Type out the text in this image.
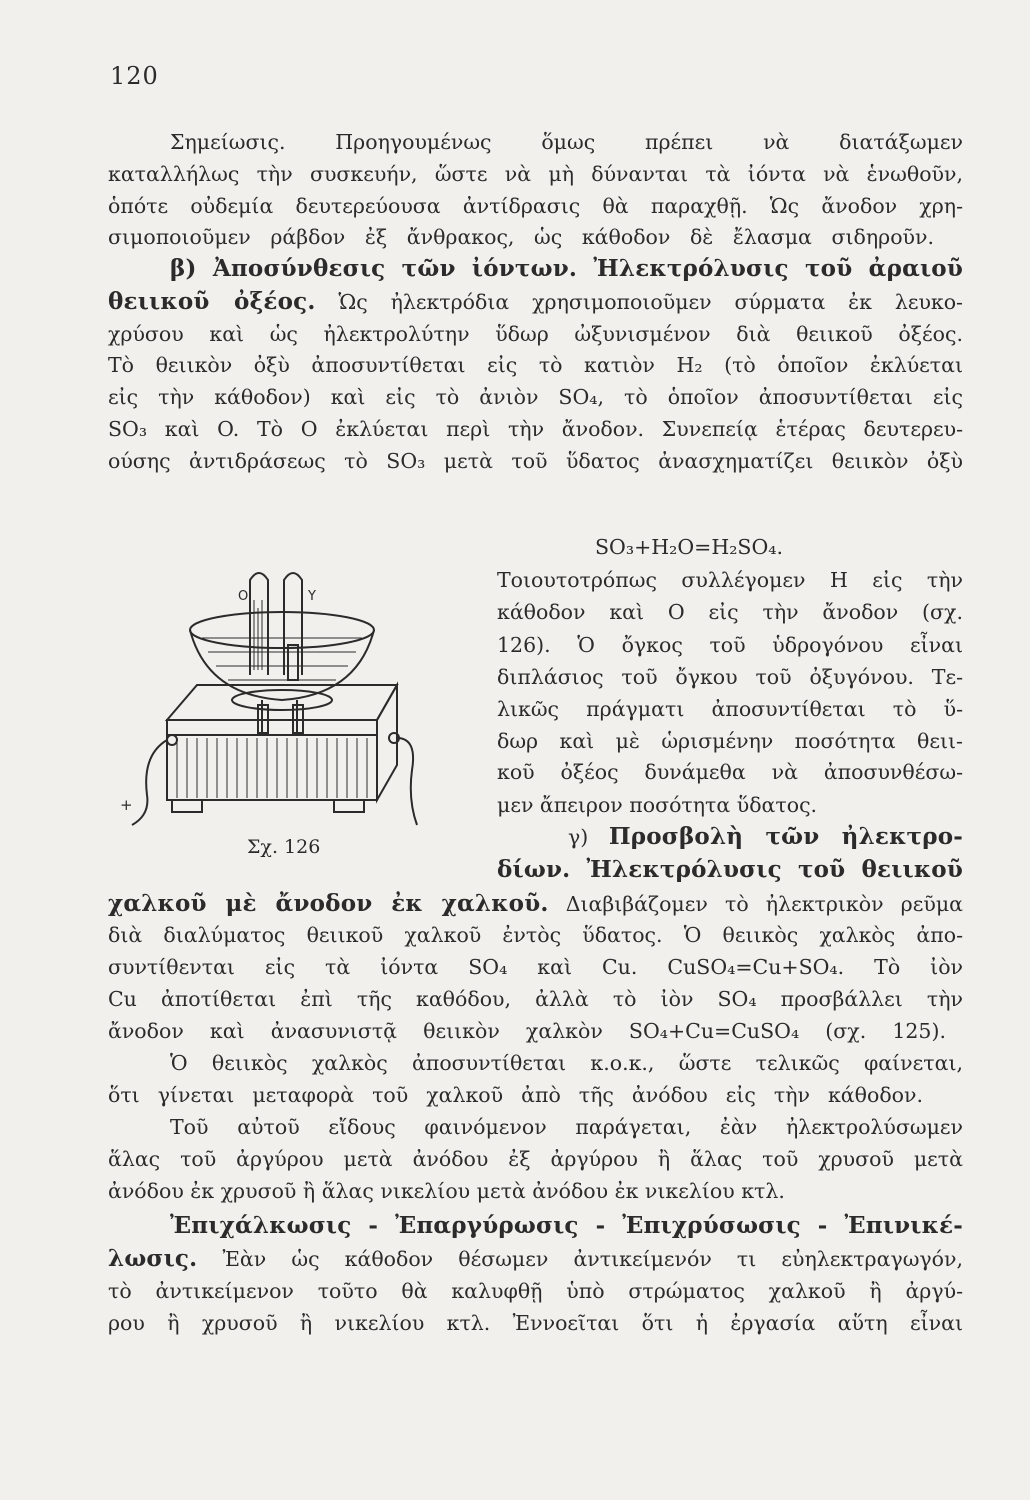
120
Σημείωσις. Προηγουμένως ὅμως πρέπει νὰ διατάξωμεν
καταλλήλως τὴν συσκευήν, ὥστε νὰ μὴ δύνανται τὰ ἰόντα νὰ ἑνωθοῦν,
ὁπότε οὐδεμία δευτερεύουσα ἀντίδρασις θὰ παραχθῇ. Ὡς ἄνοδον χρη-
σιμοποιοῦμεν ράβδον ἐξ ἄνθρακος, ὡς κάθοδον δὲ ἔλασμα σιδηροῦν.
β) Ἀποσύνθεσις τῶν ἰόντων. Ἠλεκτρόλυσις τοῦ ἀραιοῦ
θειικοῦ ὀξέος. Ὡς ἠλεκτρόδια χρησιμοποιοῦμεν σύρματα ἐκ λευκο-
χρύσου καὶ ὡς ἠλεκτρολύτην ὕδωρ ὠξυνισμένον διὰ θειικοῦ ὀξέος.
Τὸ θειικὸν ὀξὺ ἀποσυντίθεται εἰς τὸ κατιὸν H₂ (τὸ ὁποῖον ἐκλύεται
εἰς τὴν κάθοδον) καὶ εἰς τὸ ἀνιὸν SO₄, τὸ ὁποῖον ἀποσυντίθεται εἰς
SO₃ καὶ O. Τὸ O ἐκλύεται περὶ τὴν ἄνοδον. Συνεπείᾳ ἑτέρας δευτερευ-
ούσης ἀντιδράσεως τὸ SO₃ μετὰ τοῦ ὕδατος ἀνασχηματίζει θειικὸν ὀξὺ
SO₃+H₂O=H₂SO₄.
O	Y
+
Σχ. 126
Τοιουτοτρόπως συλλέγομεν H εἰς τὴν
κάθοδον καὶ O εἰς τὴν ἄνοδον (σχ.
126). Ὁ ὄγκος τοῦ ὑδρογόνου εἶναι
διπλάσιος τοῦ ὄγκου τοῦ ὀξυγόνου. Τε-
λικῶς πράγματι ἀποσυντίθεται τὸ ὕ-
δωρ καὶ μὲ ὡρισμένην ποσότητα θειι-
κοῦ ὀξέος δυνάμεθα νὰ ἀποσυνθέσω-
μεν ἄπειρον ποσότητα ὕδατος.
γ) Προσβολὴ τῶν ἠλεκτρο-
δίων. Ἠλεκτρόλυσις τοῦ θειικοῦ
χαλκοῦ μὲ ἄνοδον ἐκ χαλκοῦ. Διαβιβάζομεν τὸ ἠλεκτρικὸν ρεῦμα
διὰ διαλύματος θειικοῦ χαλκοῦ ἐντὸς ὕδατος. Ὁ θειικὸς χαλκὸς ἀπο-
συντίθενται εἰς τὰ ἰόντα SO₄ καὶ Cu. CuSO₄=Cu+SO₄. Τὸ ἰὸν
Cu ἀποτίθεται ἐπὶ τῆς καθόδου, ἀλλὰ τὸ ἰὸν SO₄ προσβάλλει τὴν
ἄνοδον καὶ ἀνασυνιστᾷ θειικὸν χαλκὸν SO₄+Cu=CuSO₄ (σχ. 125).
Ὁ θειικὸς χαλκὸς ἀποσυντίθεται κ.ο.κ., ὥστε τελικῶς φαίνεται,
ὅτι γίνεται μεταφορὰ τοῦ χαλκοῦ ἀπὸ τῆς ἀνόδου εἰς τὴν κάθοδον.
Τοῦ αὐτοῦ εἴδους φαινόμενον παράγεται, ἐὰν ἠλεκτρολύσωμεν
ἅλας τοῦ ἀργύρου μετὰ ἀνόδου ἐξ ἀργύρου ἢ ἅλας τοῦ χρυσοῦ μετὰ
ἀνόδου ἐκ χρυσοῦ ἢ ἅλας νικελίου μετὰ ἀνόδου ἐκ νικελίου κτλ.
Ἐπιχάλκωσις - Ἐπαργύρωσις - Ἐπιχρύσωσις - Ἐπινικέ-
λωσις. Ἐὰν ὡς κάθοδον θέσωμεν ἀντικείμενόν τι εὐηλεκτραγωγόν,
τὸ ἀντικείμενον τοῦτο θὰ καλυφθῇ ὑπὸ στρώματος χαλκοῦ ἢ ἀργύ-
ρου ἢ χρυσοῦ ἢ νικελίου κτλ. Ἐννοεῖται ὅτι ἡ ἐργασία αὕτη εἶναι
